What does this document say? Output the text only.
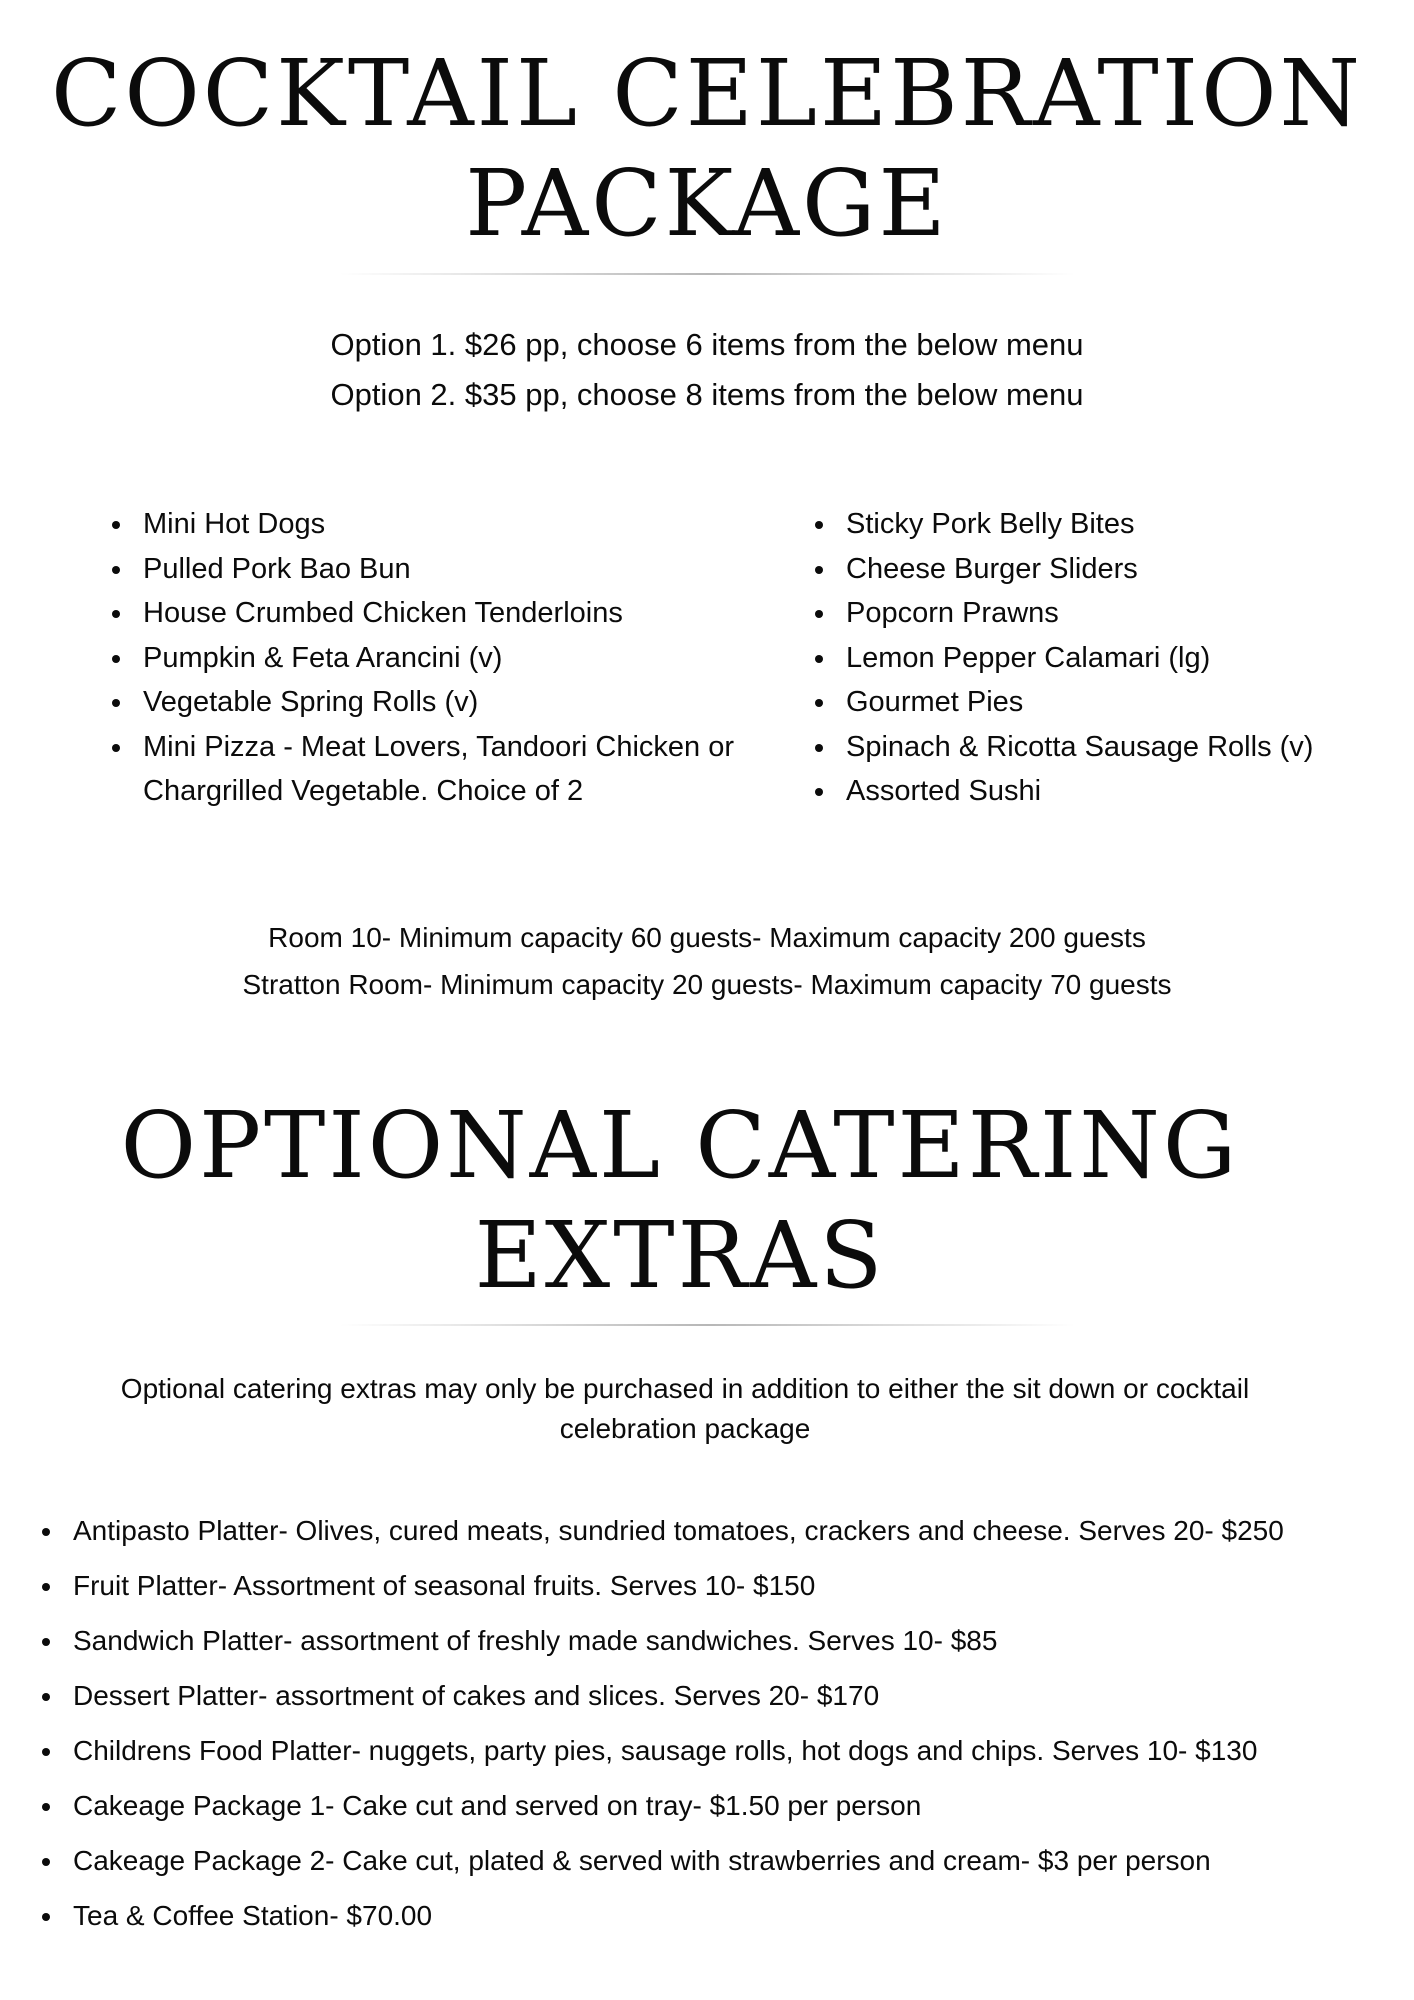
COCKTAIL CELEBRATION
PACKAGE
Option 1. $26 pp, choose 6 items from the below menu
Option 2. $35 pp, choose 8 items from the below menu
Mini Hot Dogs
Pulled Pork Bao Bun
House Crumbed Chicken Tenderloins
Pumpkin & Feta Arancini (v)
Vegetable Spring Rolls (v)
Mini Pizza - Meat Lovers, Tandoori Chicken or Chargrilled Vegetable. Choice of 2
Sticky Pork Belly Bites
Cheese Burger Sliders
Popcorn Prawns
Lemon Pepper Calamari (lg)
Gourmet Pies
Spinach & Ricotta Sausage Rolls (v)
Assorted Sushi
Room 10- Minimum capacity 60 guests- Maximum capacity 200 guests
Stratton Room- Minimum capacity 20 guests- Maximum capacity 70 guests
OPTIONAL CATERING
EXTRAS

Optional catering extras may only be purchased in addition to either the sit down or cocktail celebration package

Antipasto Platter- Olives, cured meats, sundried tomatoes, crackers and cheese. Serves 20- $250
Fruit Platter- Assortment of seasonal fruits. Serves 10- $150
Sandwich Platter- assortment of freshly made sandwiches. Serves 10- $85
Dessert Platter- assortment of cakes and slices. Serves 20- $170
Childrens Food Platter- nuggets, party pies, sausage rolls, hot dogs and chips. Serves 10- $130
Cakeage Package 1- Cake cut and served on tray- $1.50 per person
Cakeage Package 2- Cake cut, plated & served with strawberries and cream- $3 per person
Tea & Coffee Station- $70.00
